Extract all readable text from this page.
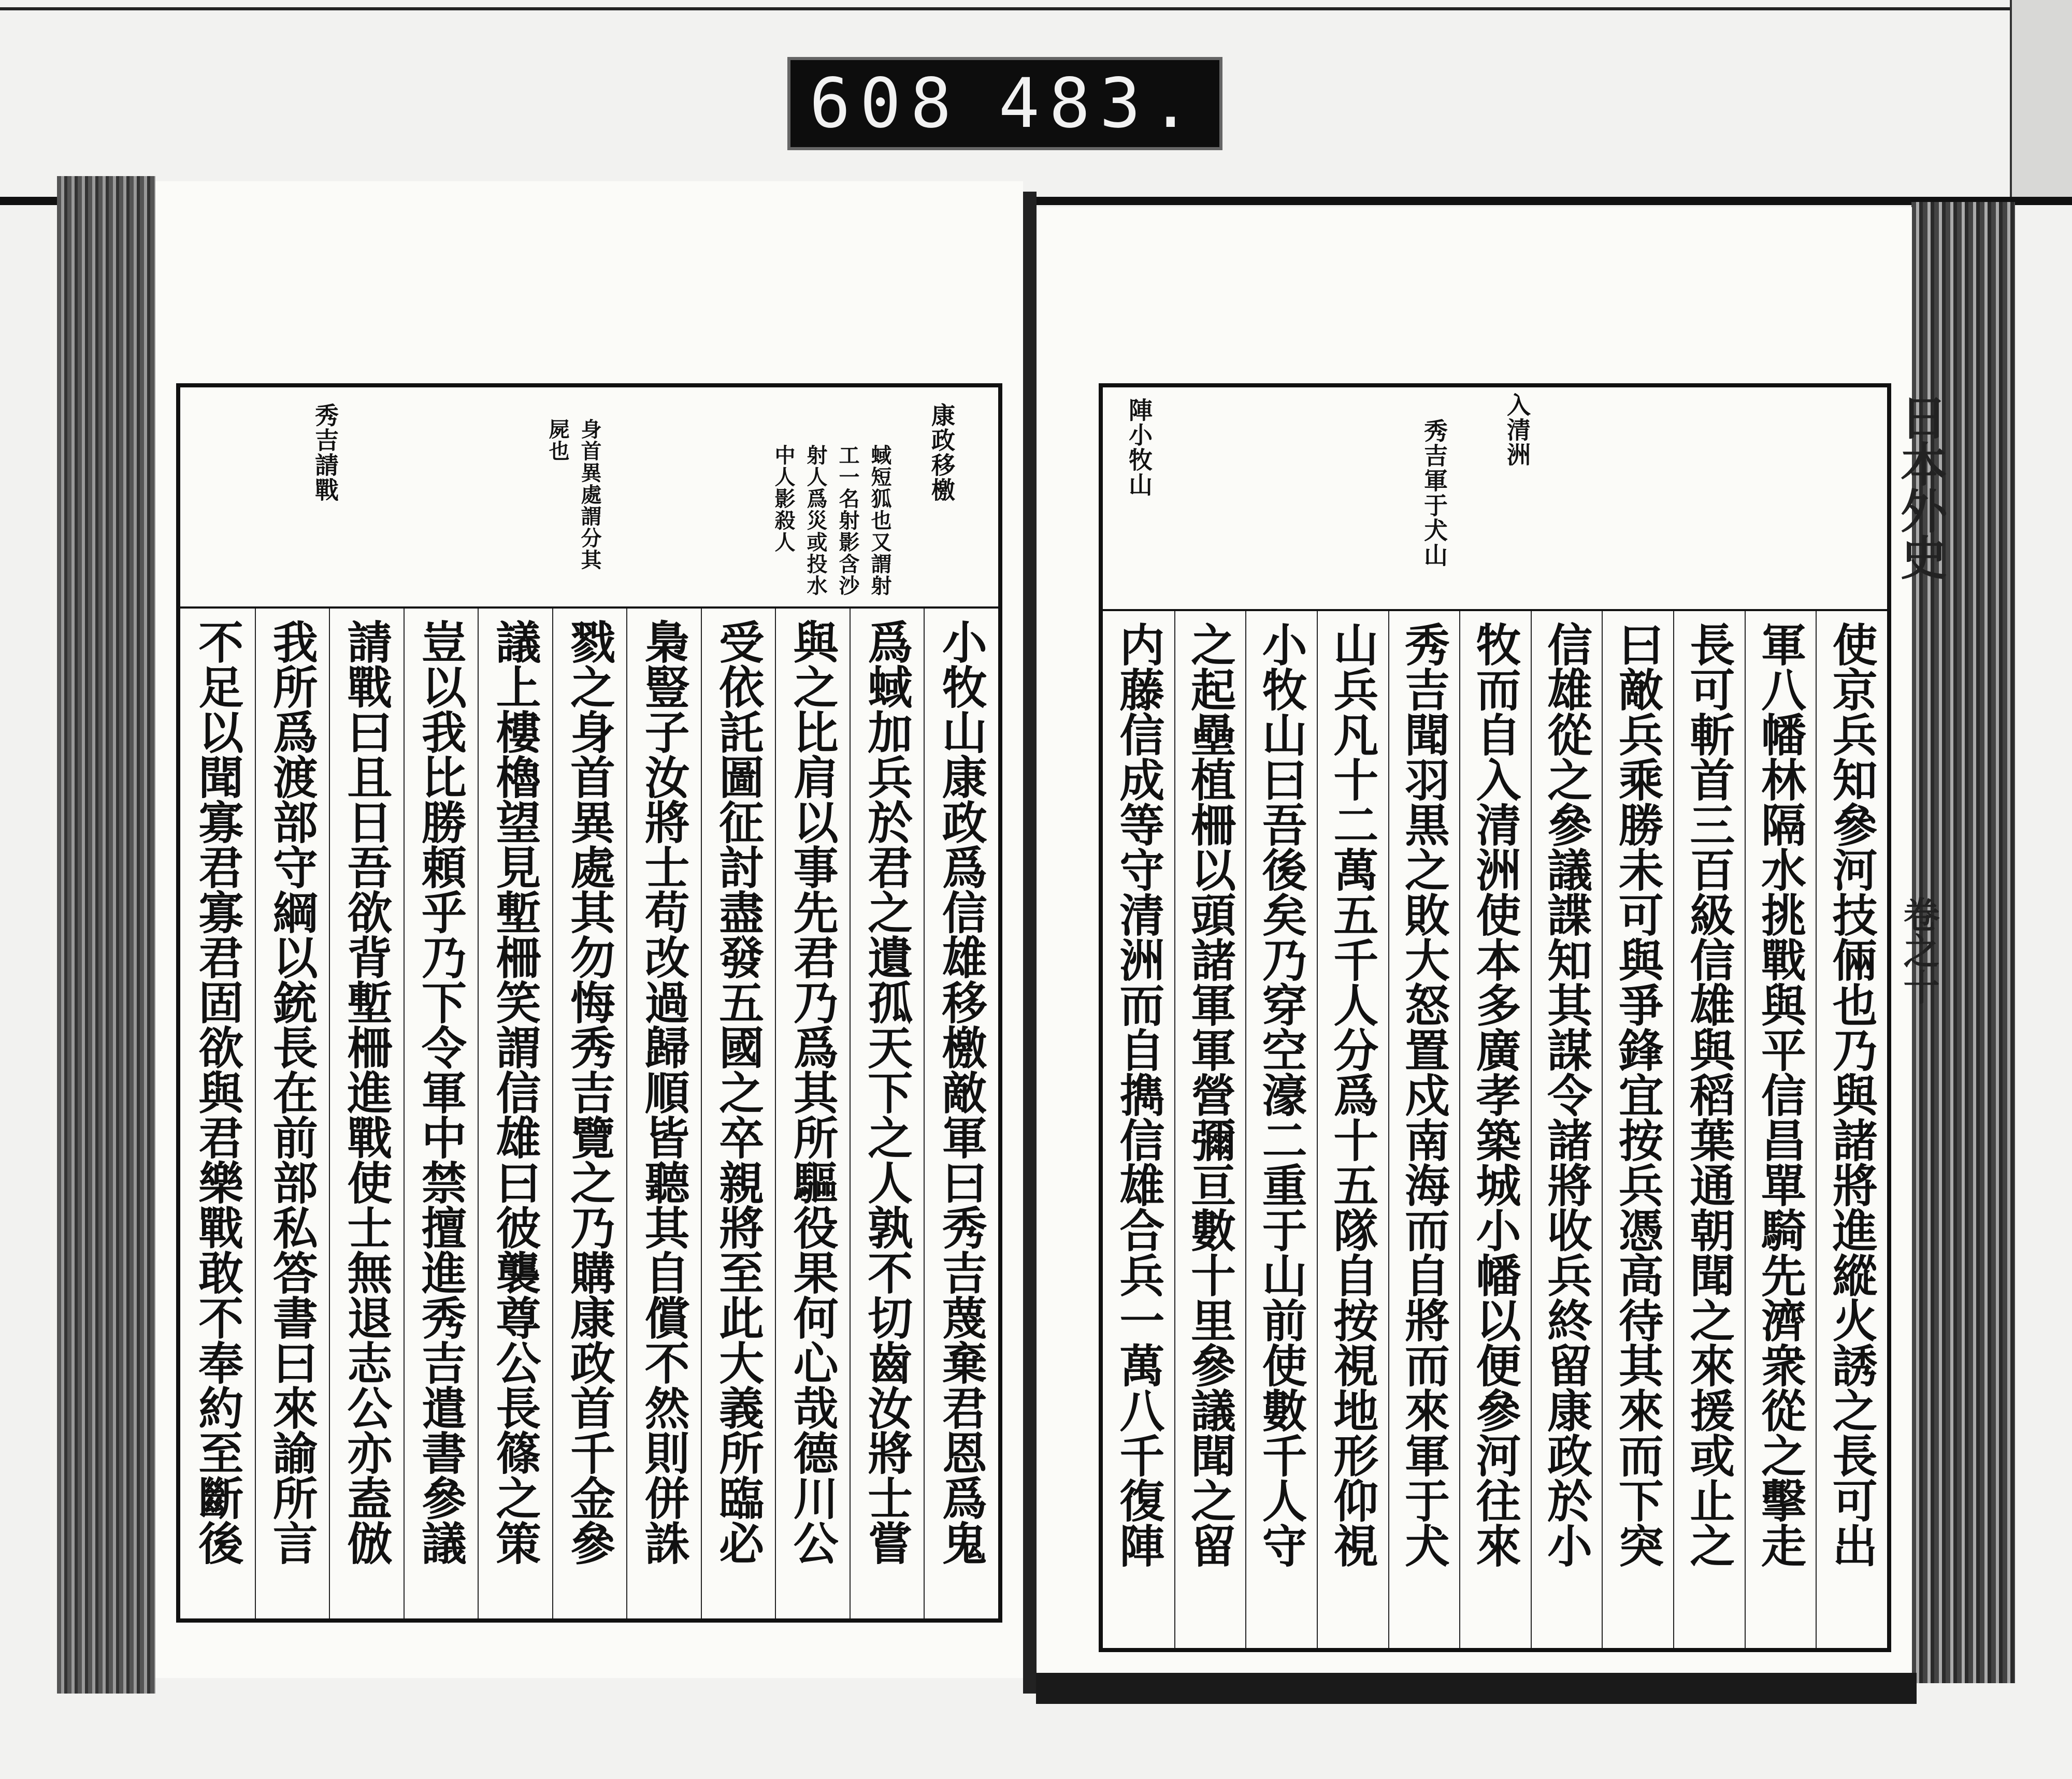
608 483.
康政移檄
蜮短狐也又謂射
工一名射影含沙
射人爲災或投水
中人影殺人
身首異處謂分其
屍也
秀吉請戰
小牧山康政爲信雄移檄敵軍曰秀吉蔑棄君恩爲鬼
爲蜮加兵於君之遺孤天下之人孰不切齒汝將士嘗
與之比肩以事先君乃爲其所驅役果何心哉德川公
受依託圖征討盡發五國之卒親將至此大義所臨必
梟豎子汝將士苟改過歸順皆聽其自償不然則併誅
戮之身首異處其勿悔秀吉覽之乃購康政首千金參
議上樓櫓望見塹柵笑謂信雄曰彼襲尊公長篠之策
豈以我比勝頼乎乃下令軍中禁擅進秀吉遣書參議
請戰曰且日吾欲背塹柵進戰使士無退志公亦盍倣
我所爲渡部守綱以銃長在前部私答書曰來諭所言
不足以聞寡君寡君固欲與君樂戰敢不奉約至斷後
陣小牧山	秀吉軍于犬山 入清洲
使京兵知參河技倆也乃與諸將進縱火誘之長可出
軍八幡林隔水挑戰與平信昌單騎先濟衆從之擊走
長可斬首三百級信雄與稻葉通朝聞之來援或止之
曰敵兵乘勝未可與爭鋒宜按兵憑高待其來而下突
信雄從之參議諜知其謀令諸將收兵終留康政於小
牧而自入清洲使本多廣孝築城小幡以便參河往來
秀吉聞羽黒之敗大怒置戍南海而自將而來軍于犬
山兵凡十二萬五千人分爲十五隊自按視地形仰視
小牧山曰吾後矣乃穿空濠二重于山前使數千人守
之起壘植柵以頭諸軍軍營彌亘數十里參議聞之留
内藤信成等守清洲而自擕信雄合兵一萬八千復陣
日本外史
卷之十
